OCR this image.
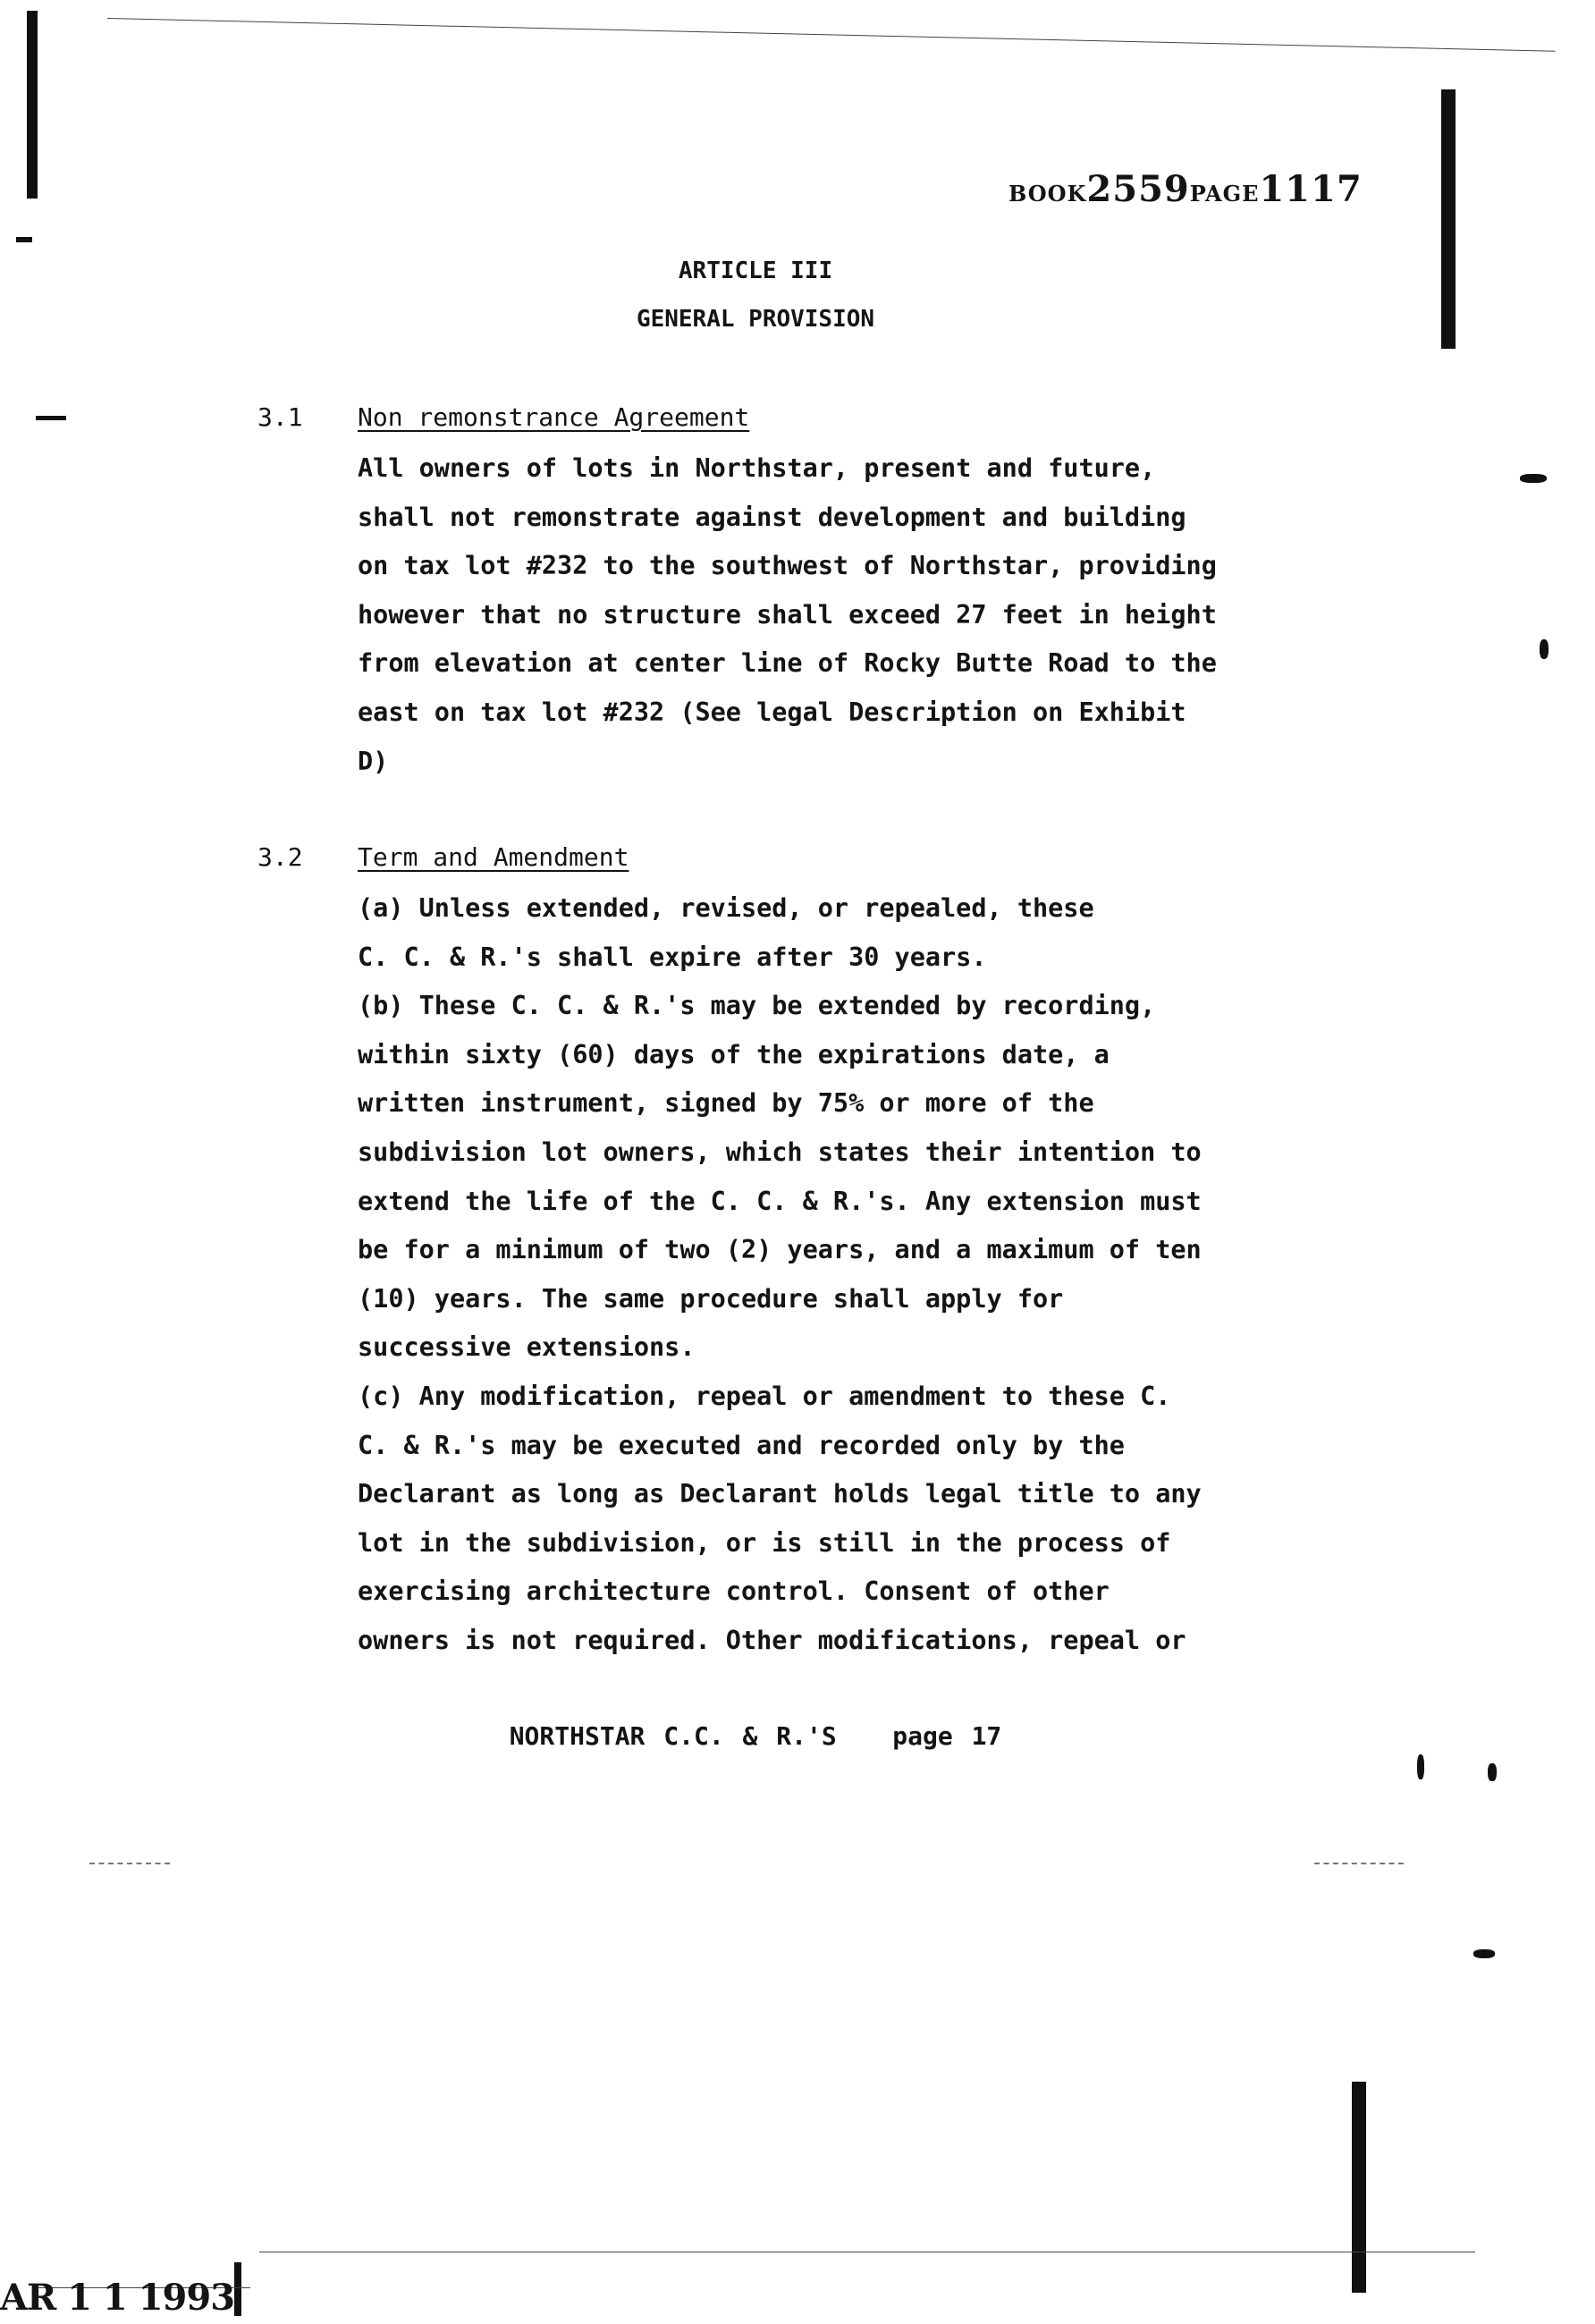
BOOK2559PAGE1117
ARTICLE III
GENERAL PROVISION
3.1 Non remonstrance Agreement
All owners of lots in Northstar, present and future,
shall not remonstrate against development and building
on tax lot #232 to the southwest of Northstar, providing
however that no structure shall exceed 27 feet in height
from elevation at center line of Rocky Butte Road to the
east on tax lot #232 (See legal Description on Exhibit
D)
3.2 Term and Amendment
(a) Unless extended, revised, or repealed, these
C. C. & R.'s shall expire after 30 years.
(b) These C. C. & R.'s may be extended by recording,
within sixty (60) days of the expirations date, a
written instrument, signed by 75% or more of the
subdivision lot owners, which states their intention to
extend the life of the C. C. & R.'s. Any extension must
be for a minimum of two (2) years, and a maximum of ten
(10) years. The same procedure shall apply for
successive extensions.
(c) Any modification, repeal or amendment to these C.
C. & R.'s may be executed and recorded only by the
Declarant as long as Declarant holds legal title to any
lot in the subdivision, or is still in the process of
exercising architecture control. Consent of other
owners is not required. Other modifications, repeal or
NORTHSTAR C.C. & R.'S page 17
AR 1 1 1993
